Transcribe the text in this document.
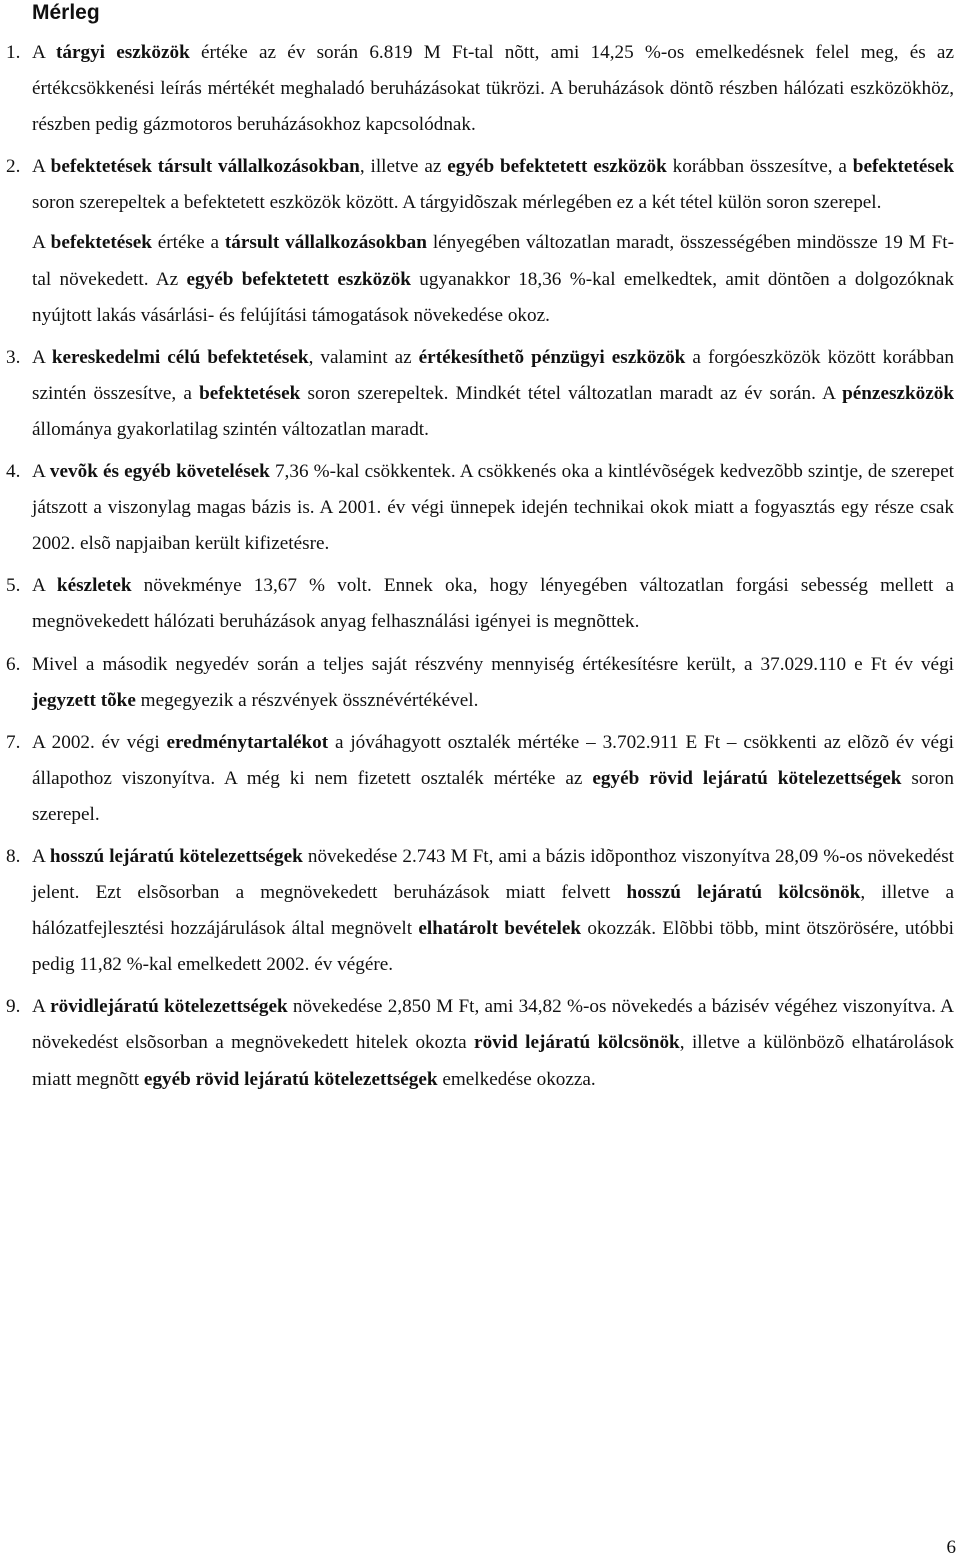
Mérleg

1. A tárgyi eszközök értéke az év során 6.819 M Ft-tal nõtt, ami 14,25 %-os emelkedésnek felel meg, és az értékcsökkenési leírás mértékét meghaladó beruházásokat tükrözi. A beruházások döntõ részben hálózati eszközökhöz, részben pedig gázmotoros beruházásokhoz kapcsolódnak.

2. A befektetések társult vállalkozásokban, illetve az egyéb befektetett eszközök korábban összesítve, a befektetések soron szerepeltek a befektetett eszközök között. A tárgyidõszak mérlegében ez a két tétel külön soron szerepel.

A befektetések értéke a társult vállalkozásokban lényegében változatlan maradt, összességében mindössze 19 M Ft-tal növekedett. Az egyéb befektetett eszközök ugyanakkor 18,36 %-kal emelkedtek, amit döntõen a dolgozóknak nyújtott lakás vásárlási- és felújítási támogatások növekedése okoz.

3. A kereskedelmi célú befektetések, valamint az értékesíthetõ pénzügyi eszközök a forgóeszközök között korábban szintén összesítve, a befektetések soron szerepeltek. Mindkét tétel változatlan maradt az év során. A pénzeszközök állománya gyakorlatilag szintén változatlan maradt.

4. A vevõk és egyéb követelések 7,36 %-kal csökkentek. A csökkenés oka a kintlévõségek kedvezõbb szintje, de szerepet játszott a viszonylag magas bázis is. A 2001. év végi ünnepek idején technikai okok miatt a fogyasztás egy része csak 2002. elsõ napjaiban került kifizetésre.

5. A készletek növekménye 13,67 % volt. Ennek oka, hogy lényegében változatlan forgási sebesség mellett a megnövekedett hálózati beruházások anyag felhasználási igényei is megnõttek.

6. Mivel a második negyedév során a teljes saját részvény mennyiség értékesítésre került, a 37.029.110 e Ft év végi jegyzett tõke megegyezik a részvények össznévértékével.

7. A 2002. év végi eredménytartalékot a jóváhagyott osztalék mértéke – 3.702.911 E Ft – csökkenti az elõzõ év végi állapothoz viszonyítva. A még ki nem fizetett osztalék mértéke az egyéb rövid lejáratú kötelezettségek soron szerepel.

8. A hosszú lejáratú kötelezettségek növekedése 2.743 M Ft, ami a bázis idõponthoz viszonyítva 28,09 %-os növekedést jelent. Ezt elsõsorban a megnövekedett beruházások miatt felvett hosszú lejáratú kölcsönök, illetve a hálózatfejlesztési hozzájárulások által megnövelt elhatárolt bevételek okozzák. Elõbbi több, mint ötszörösére, utóbbi pedig 11,82 %-kal emelkedett 2002. év végére.

9. A rövidlejáratú kötelezettségek növekedése 2,850 M Ft, ami 34,82 %-os növekedés a bázisév végéhez viszonyítva. A növekedést elsõsorban a megnövekedett hitelek okozta rövid lejáratú kölcsönök, illetve a különbözõ elhatárolások miatt megnõtt egyéb rövid lejáratú kötelezettségek emelkedése okozza.

6
